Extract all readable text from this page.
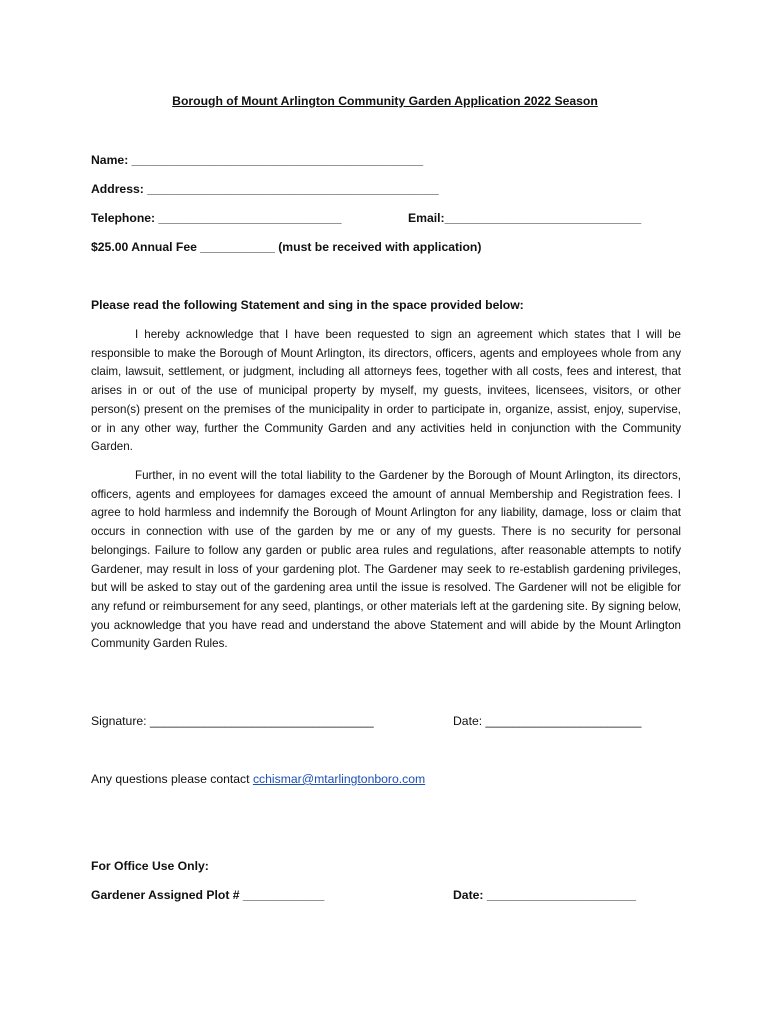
Borough of Mount Arlington Community Garden Application 2022 Season
Name: ___________________________________________
Address: ___________________________________________
Telephone: ___________________________	Email:_____________________________
$25.00 Annual Fee ___________ (must be received with application)
Please read the following Statement and sing in the space provided below:
I hereby acknowledge that I have been requested to sign an agreement which states that I will be responsible to make the Borough of Mount Arlington, its directors, officers, agents and employees whole from any claim, lawsuit, settlement, or judgment, including all attorneys fees, together with all costs, fees and interest, that arises in or out of the use of municipal property by myself, my guests, invitees, licensees, visitors, or other person(s) present on the premises of the municipality in order to participate in, organize, assist, enjoy, supervise, or in any other way, further the Community Garden and any activities held in conjunction with the Community Garden.
Further, in no event will the total liability to the Gardener by the Borough of Mount Arlington, its directors, officers, agents and employees for damages exceed the amount of annual Membership and Registration fees. I agree to hold harmless and indemnify the Borough of Mount Arlington for any liability, damage, loss or claim that occurs in connection with use of the garden by me or any of my guests. There is no security for personal belongings. Failure to follow any garden or public area rules and regulations, after reasonable attempts to notify Gardener, may result in loss of your gardening plot. The Gardener may seek to re-establish gardening privileges, but will be asked to stay out of the gardening area until the issue is resolved. The Gardener will not be eligible for any refund or reimbursement for any seed, plantings, or other materials left at the gardening site. By signing below, you acknowledge that you have read and understand the above Statement and will abide by the Mount Arlington Community Garden Rules.
Signature: _________________________________	Date: _______________________
Any questions please contact cchismar@mtarlingtonboro.com
For Office Use Only:
Gardener Assigned Plot # ____________	Date: ______________________
